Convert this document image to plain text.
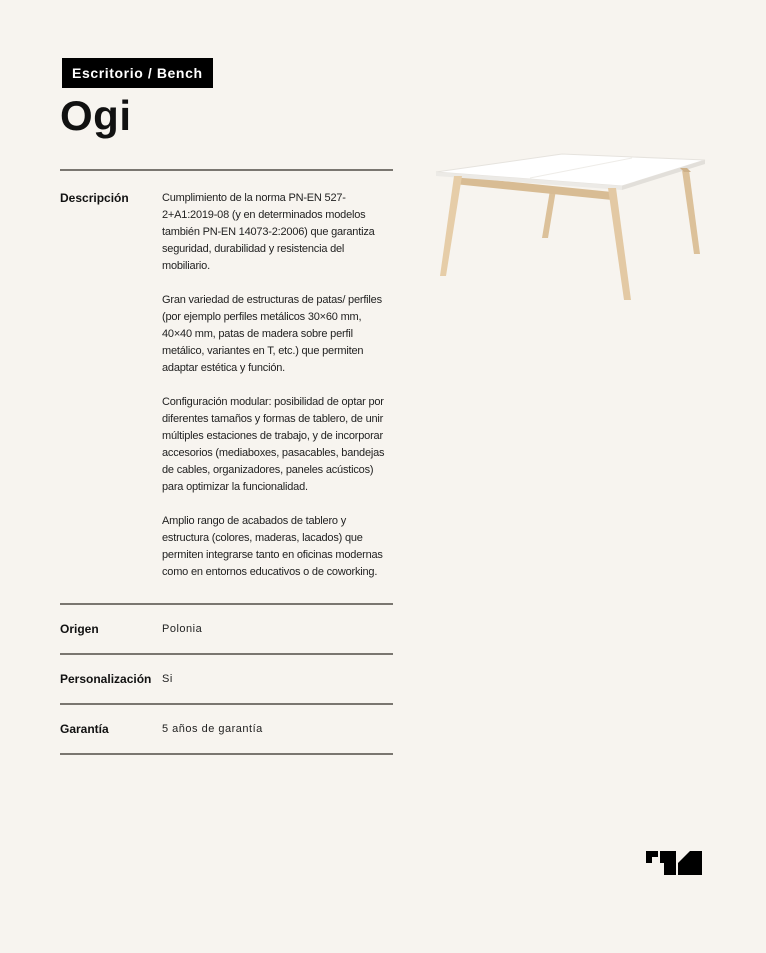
Escritorio / Bench
Ogi
Descripción	Cumplimiento de la norma PN-EN 527-2+A1:2019-08 (y en determinados modelos también PN-EN 14073-2:2006) que garantiza seguridad, durabilidad y resistencia del mobiliario.

Gran variedad de estructuras de patas/ perfiles (por ejemplo perfiles metálicos 30×60 mm, 40×40 mm, patas de madera sobre perfil metálico, variantes en T, etc.) que permiten adaptar estética y función.

Configuración modular: posibilidad de optar por diferentes tamaños y formas de tablero, de unir múltiples estaciones de trabajo, y de incorporar accesorios (mediaboxes, pasacables, bandejas de cables, organizadores, paneles acústicos) para optimizar la funcionalidad.

Amplio rango de acabados de tablero y estructura (colores, maderas, lacados) que permiten integrarse tanto en oficinas modernas como en entornos educativos o de coworking.

Origen	Polonia
Personalización Si
Garantía	5 años de garantía
